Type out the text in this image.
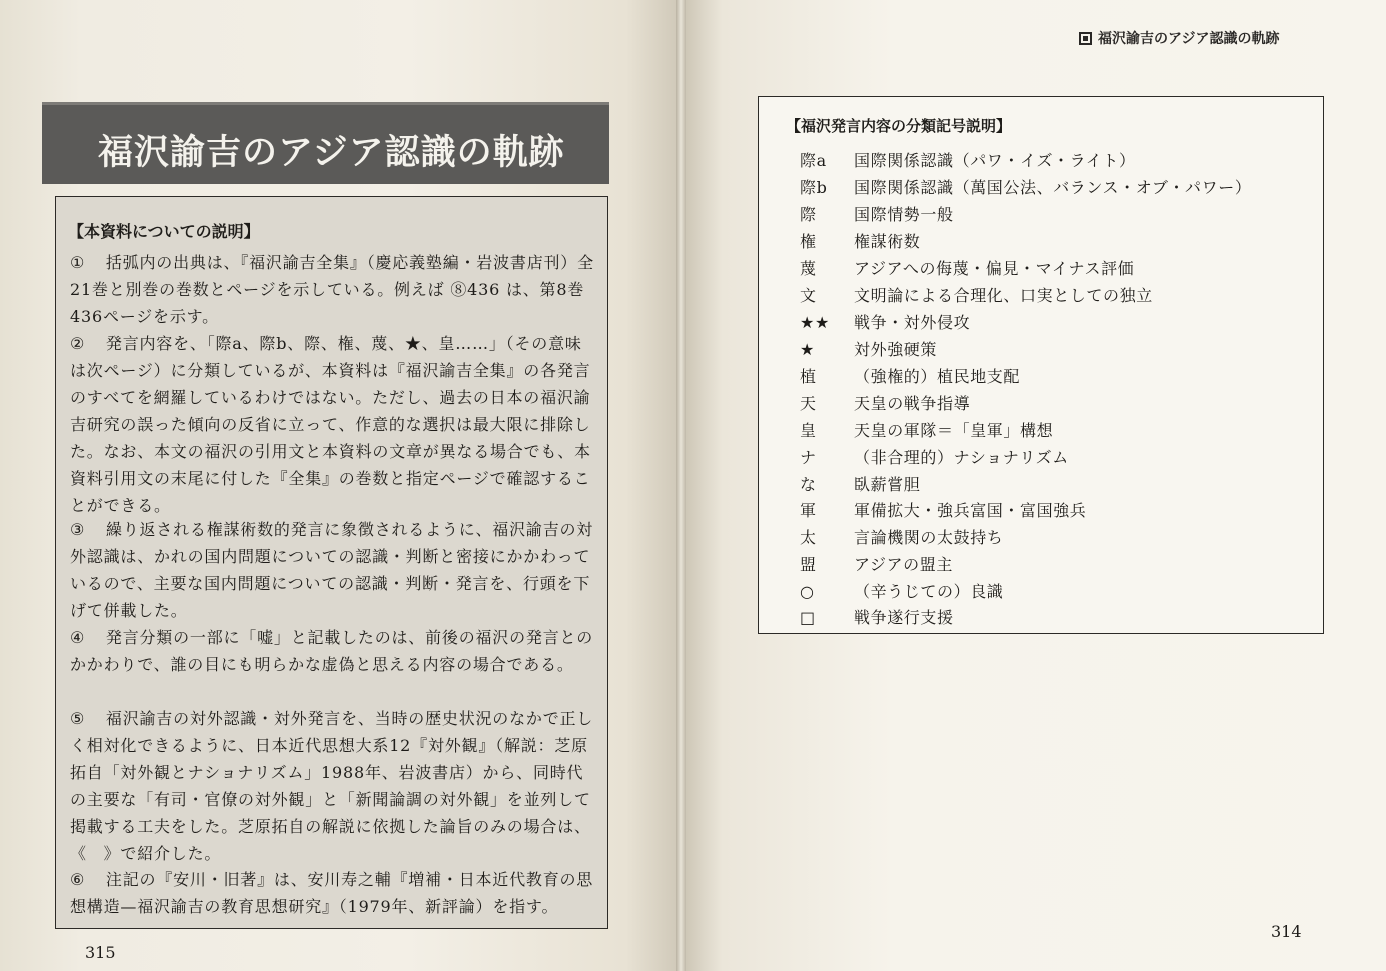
福沢諭吉のアジア認識の軌跡
【本資料についての説明】
① 括弧内の出典は、『福沢諭吉全集』（慶応義塾編・岩波書店刊）全21巻と別巻の巻数とページを示している。例えば ⑧436 は、第8巻436ページを示す。
② 発言内容を、「際a、際b、際、権、蔑、★、皇……」（その意味は次ページ）に分類しているが、本資料は『福沢諭吉全集』の各発言のすべてを網羅しているわけではない。ただし、過去の日本の福沢諭吉研究の誤った傾向の反省に立って、作意的な選択は最大限に排除した。なお、本文の福沢の引用文と本資料の文章が異なる場合でも、本資料引用文の末尾に付した『全集』の巻数と指定ページで確認することができる。
③ 繰り返される権謀術数的発言に象徴されるように、福沢諭吉の対外認識は、かれの国内問題についての認識・判断と密接にかかわっているので、主要な国内問題についての認識・判断・発言を、行頭を下げて併載した。
④ 発言分類の一部に「嘘」と記載したのは、前後の福沢の発言とのかかわりで、誰の目にも明らかな虚偽と思える内容の場合である。
⑤ 福沢諭吉の対外認識・対外発言を、当時の歴史状況のなかで正しく相対化できるように、日本近代思想大系12『対外観』（解説：芝原拓自「対外観とナショナリズム」1988年、岩波書店）から、同時代の主要な「有司・官僚の対外観」と「新聞論調の対外観」を並列して掲載する工夫をした。芝原拓自の解説に依拠した論旨のみの場合は、《　》で紹介した。
⑥ 注記の『安川・旧著』は、安川寿之輔『増補・日本近代教育の思想構造—福沢諭吉の教育思想研究』（1979年、新評論）を指す。
315
福沢諭吉のアジア認識の軌跡
【福沢発言内容の分類記号説明】
際a 国際関係認識（パワ・イズ・ライト）
際b 国際関係認識（萬国公法、バランス・オブ・パワー）
際 国際情勢一般
権 権謀術数
蔑 アジアへの侮蔑・偏見・マイナス評価
文 文明論による合理化、口実としての独立
★★ 戦争・対外侵攻
★ 対外強硬策
植 （強権的）植民地支配
天 天皇の戦争指導
皇 天皇の軍隊＝「皇軍」構想
ナ （非合理的）ナショナリズム
な 臥薪嘗胆
軍 軍備拡大・強兵富国・富国強兵
太 言論機関の太鼓持ち
盟 アジアの盟主
○ （辛うじての）良識
□ 戦争遂行支援
314
